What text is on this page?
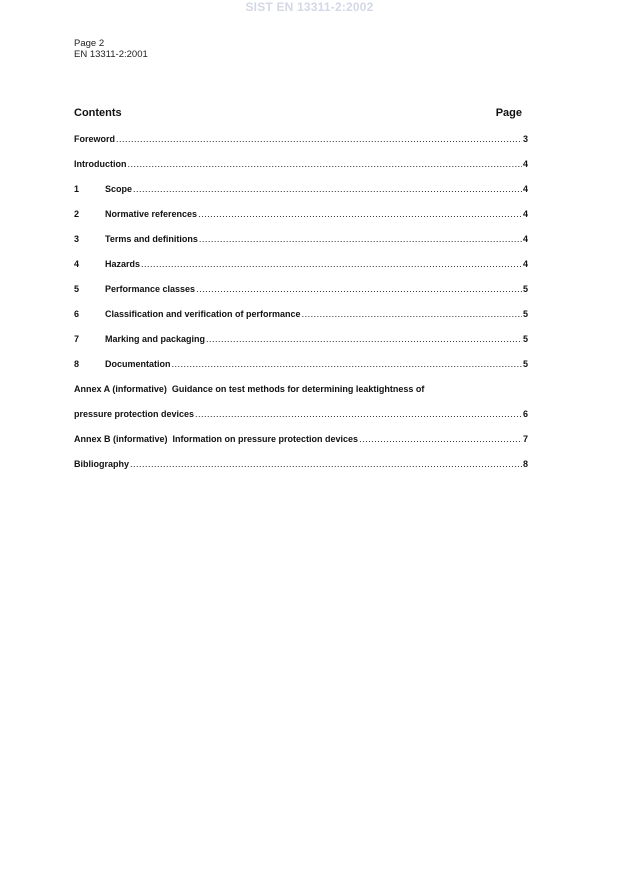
SIST EN 13311-2:2002
Page 2
EN 13311-2:2001
Contents	Page
Foreword .....	3
Introduction .....	4
1	Scope .....	4
2	Normative references .....	4
3	Terms and definitions .....	4
4	Hazards .....	4
5	Performance classes .....	5
6	Classification and verification of performance .....	5
7	Marking and packaging .....	5
8	Documentation .....	5
Annex A (informative)  Guidance on test methods for determining leaktightness of
pressure protection devices .....	6
Annex B (informative)  Information on pressure protection devices .....	7
Bibliography .....	8
